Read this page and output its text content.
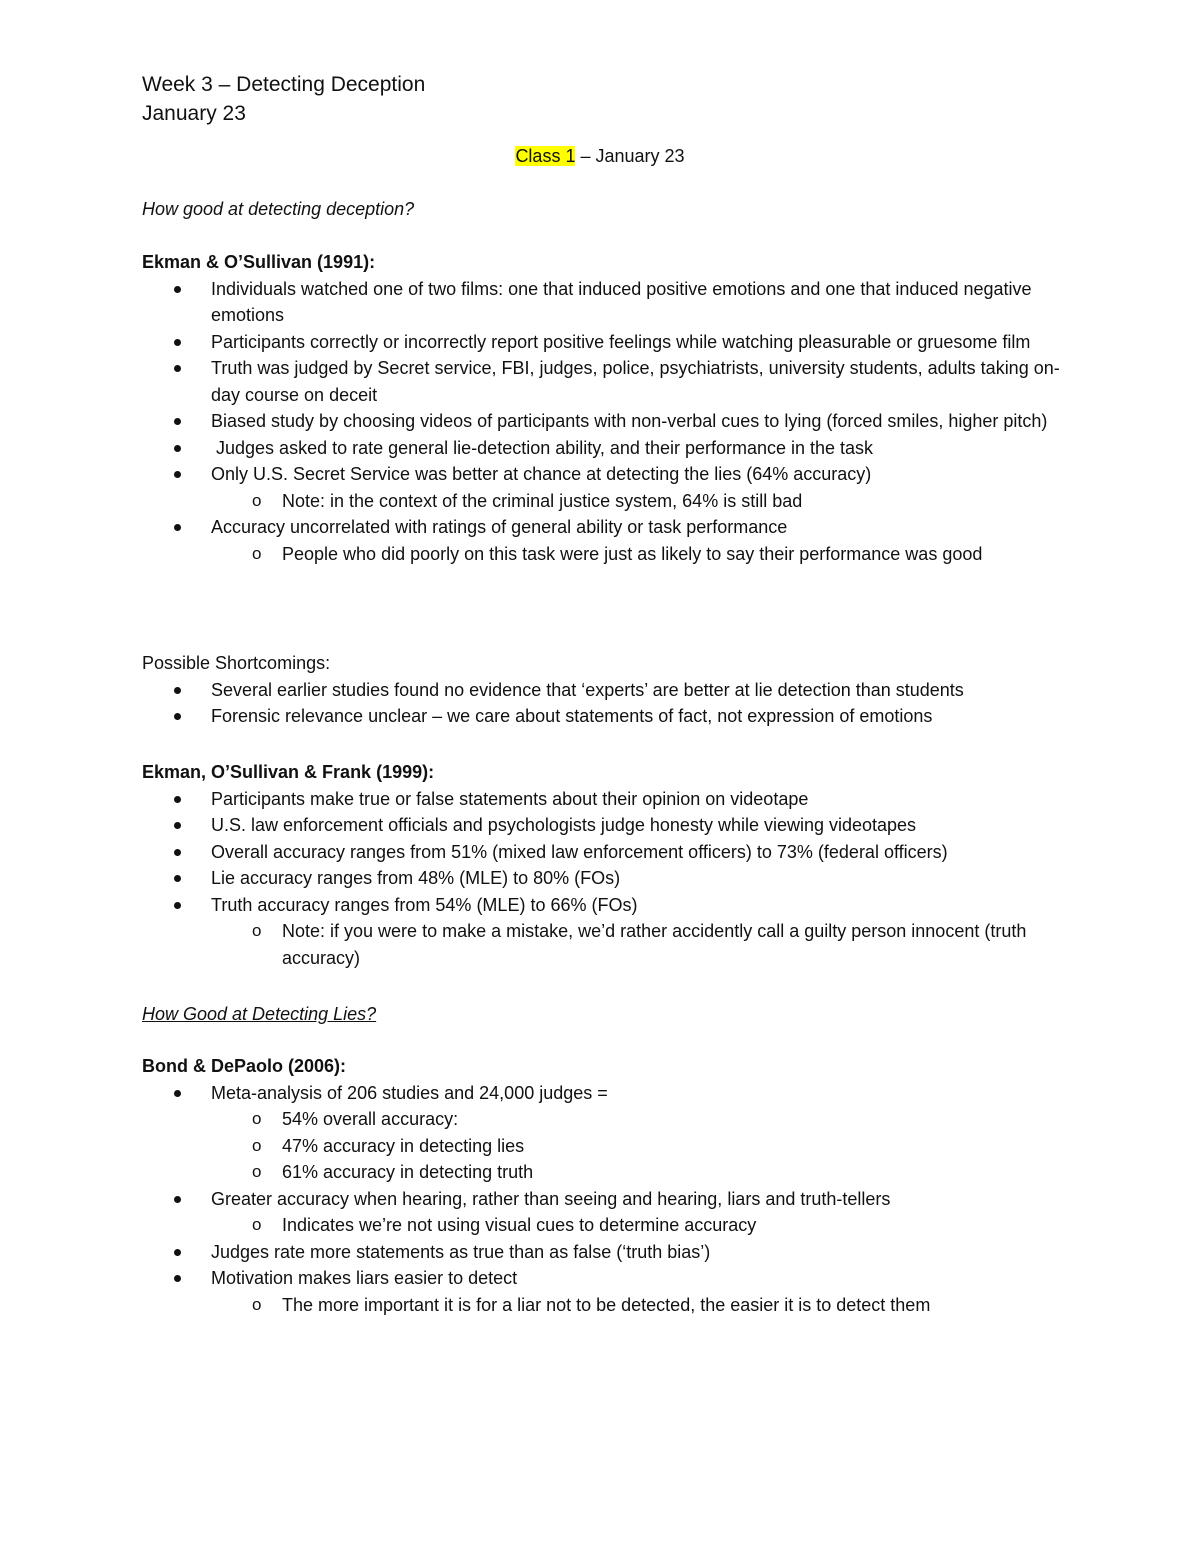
Week 3 – Detecting Deception
January 23
Class 1 – January 23
How good at detecting deception?
Ekman & O’Sullivan (1991):
Individuals watched one of two films: one that induced positive emotions and one that induced negative emotions
Participants correctly or incorrectly report positive feelings while watching pleasurable or gruesome film
Truth was judged by Secret service, FBI, judges, police, psychiatrists, university students, adults taking on-day course on deceit
Biased study by choosing videos of participants with non-verbal cues to lying (forced smiles, higher pitch)
Judges asked to rate general lie-detection ability, and their performance in the task
Only U.S. Secret Service was better at chance at detecting the lies (64% accuracy)
o Note: in the context of the criminal justice system, 64% is still bad
Accuracy uncorrelated with ratings of general ability or task performance
o People who did poorly on this task were just as likely to say their performance was good
Possible Shortcomings:
Several earlier studies found no evidence that ‘experts’ are better at lie detection than students
Forensic relevance unclear – we care about statements of fact, not expression of emotions
Ekman, O’Sullivan & Frank (1999):
Participants make true or false statements about their opinion on videotape
U.S. law enforcement officials and psychologists judge honesty while viewing videotapes
Overall accuracy ranges from 51% (mixed law enforcement officers) to 73% (federal officers)
Lie accuracy ranges from 48% (MLE) to 80% (FOs)
Truth accuracy ranges from 54% (MLE) to 66% (FOs)
o Note: if you were to make a mistake, we’d rather accidently call a guilty person innocent (truth accuracy)
How Good at Detecting Lies?
Bond & DePaolo (2006):
Meta-analysis of 206 studies and 24,000 judges =
o 54% overall accuracy:
o 47% accuracy in detecting lies
o 61% accuracy in detecting truth
Greater accuracy when hearing, rather than seeing and hearing, liars and truth-tellers
o Indicates we’re not using visual cues to determine accuracy
Judges rate more statements as true than as false (‘truth bias’)
Motivation makes liars easier to detect
o The more important it is for a liar not to be detected, the easier it is to detect them
